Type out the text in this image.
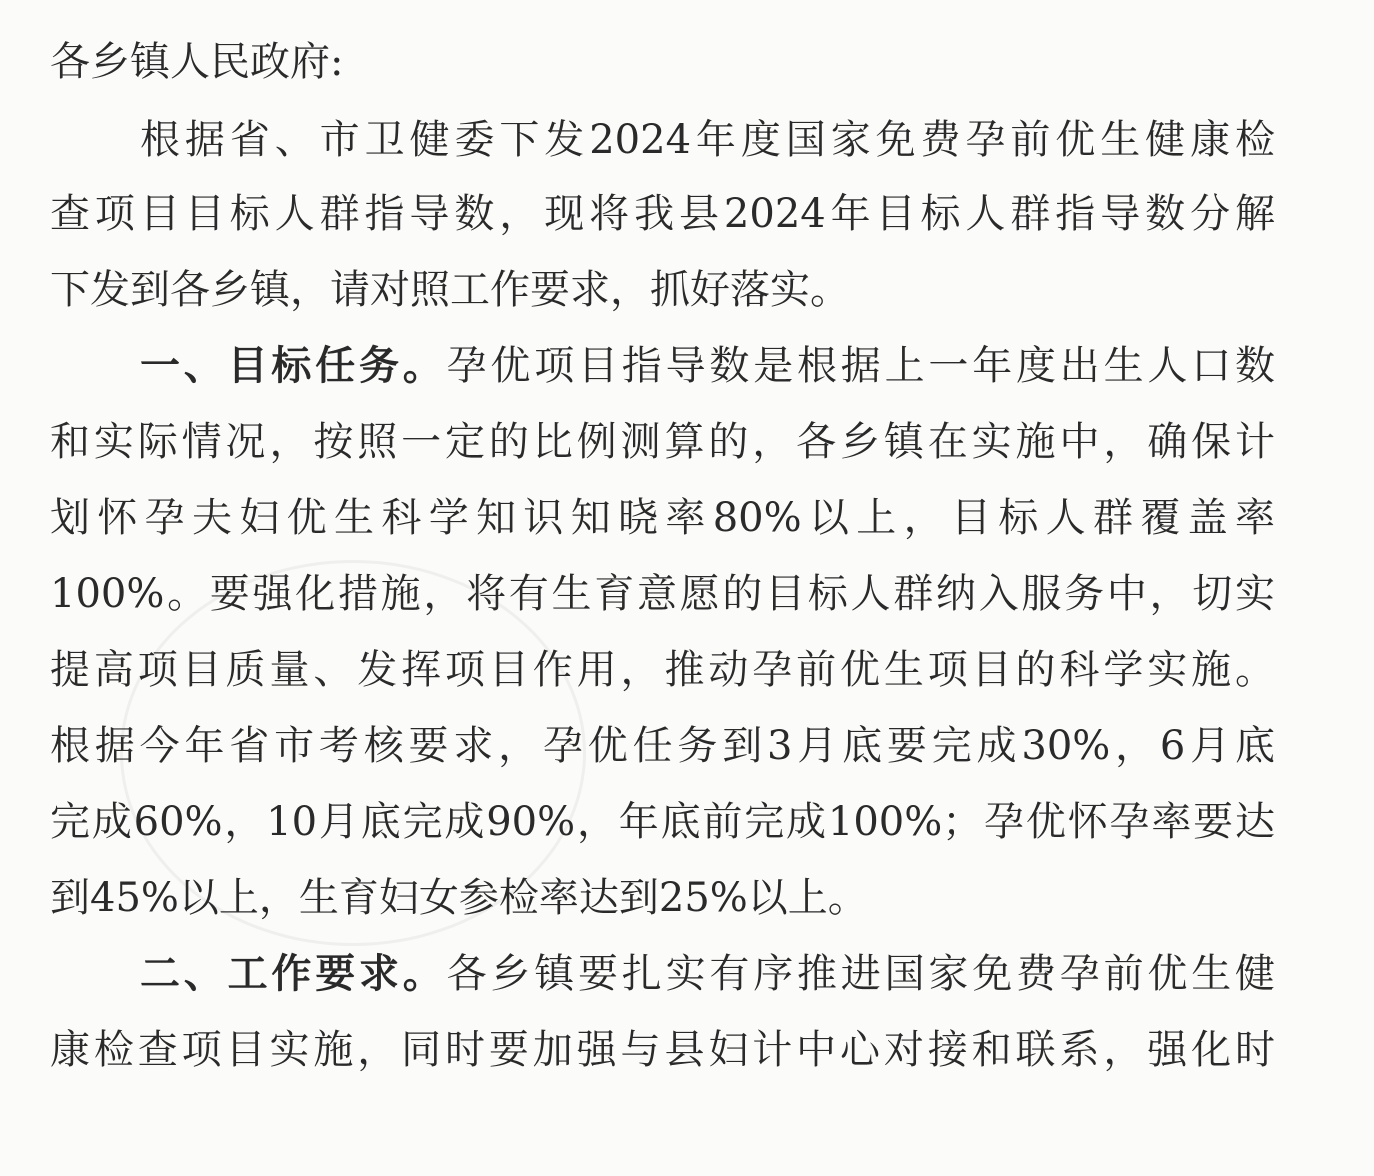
各乡镇人民政府:

根据省、市卫健委下发2024年度国家免费孕前优生健康检

查项目目标人群指导数，现将我县2024年目标人群指导数分解

下发到各乡镇，请对照工作要求，抓好落实。

一、目标任务。孕优项目指导数是根据上一年度出生人口数

和实际情况，按照一定的比例测算的，各乡镇在实施中，确保计

划怀孕夫妇优生科学知识知晓率80%以上，目标人群覆盖率

100%。要强化措施，将有生育意愿的目标人群纳入服务中，切实

提高项目质量、发挥项目作用，推动孕前优生项目的科学实施。

根据今年省市考核要求，孕优任务到3月底要完成30%，6月底

完成60%，10月底完成90%，年底前完成100%；孕优怀孕率要达

到45%以上，生育妇女参检率达到25%以上。

二、工作要求。各乡镇要扎实有序推进国家免费孕前优生健

康检查项目实施，同时要加强与县妇计中心对接和联系，强化时
